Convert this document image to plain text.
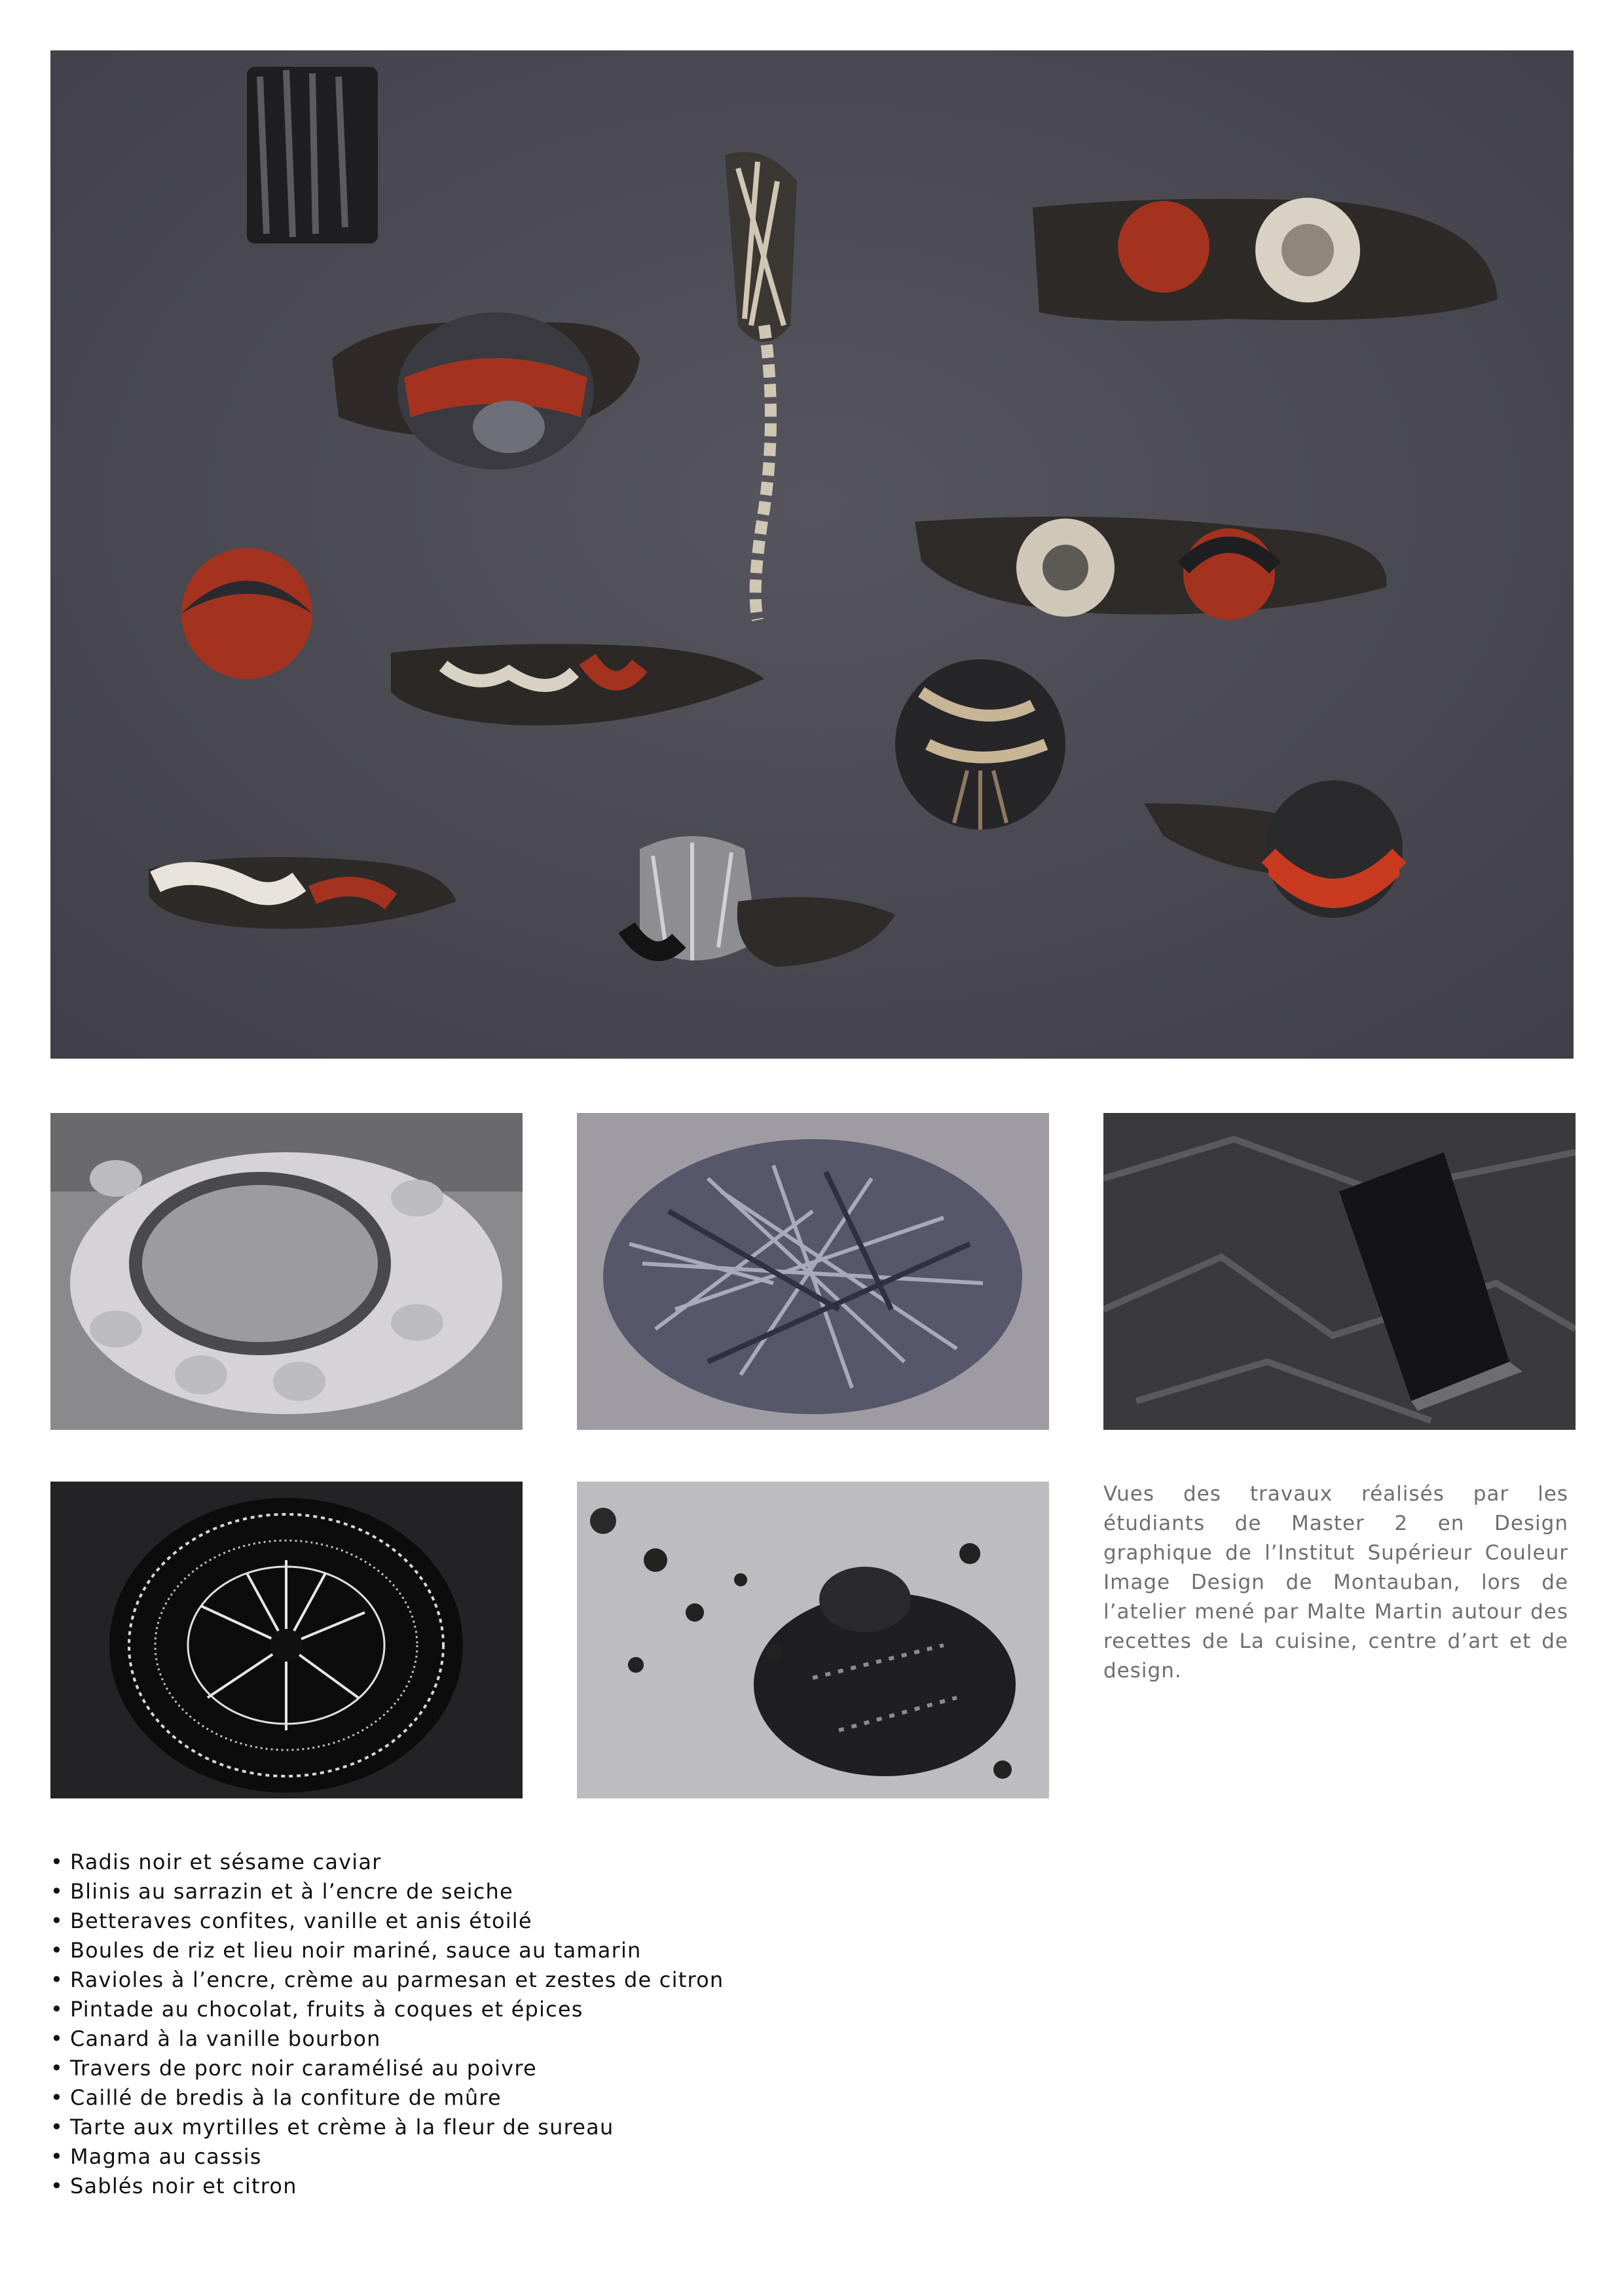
Vues des travaux réalisés par les étudiants de Master 2 en Design graphique de l’Institut Supérieur Couleur Image Design de Montauban, lors de l’atelier mené par Malte Martin autour des recettes de La cuisine, centre d’art et de design.
• Radis noir et sésame caviar
• Blinis au sarrazin et à l’encre de seiche
• Betteraves confites, vanille et anis étoilé
• Boules de riz et lieu noir mariné, sauce au tamarin
• Ravioles à l’encre, crème au parmesan et zestes de citron
• Pintade au chocolat, fruits à coques et épices
• Canard à la vanille bourbon
• Travers de porc noir caramélisé au poivre
• Caillé de bredis à la confiture de mûre
• Tarte aux myrtilles et crème à la fleur de sureau
• Magma au cassis
• Sablés noir et citron
